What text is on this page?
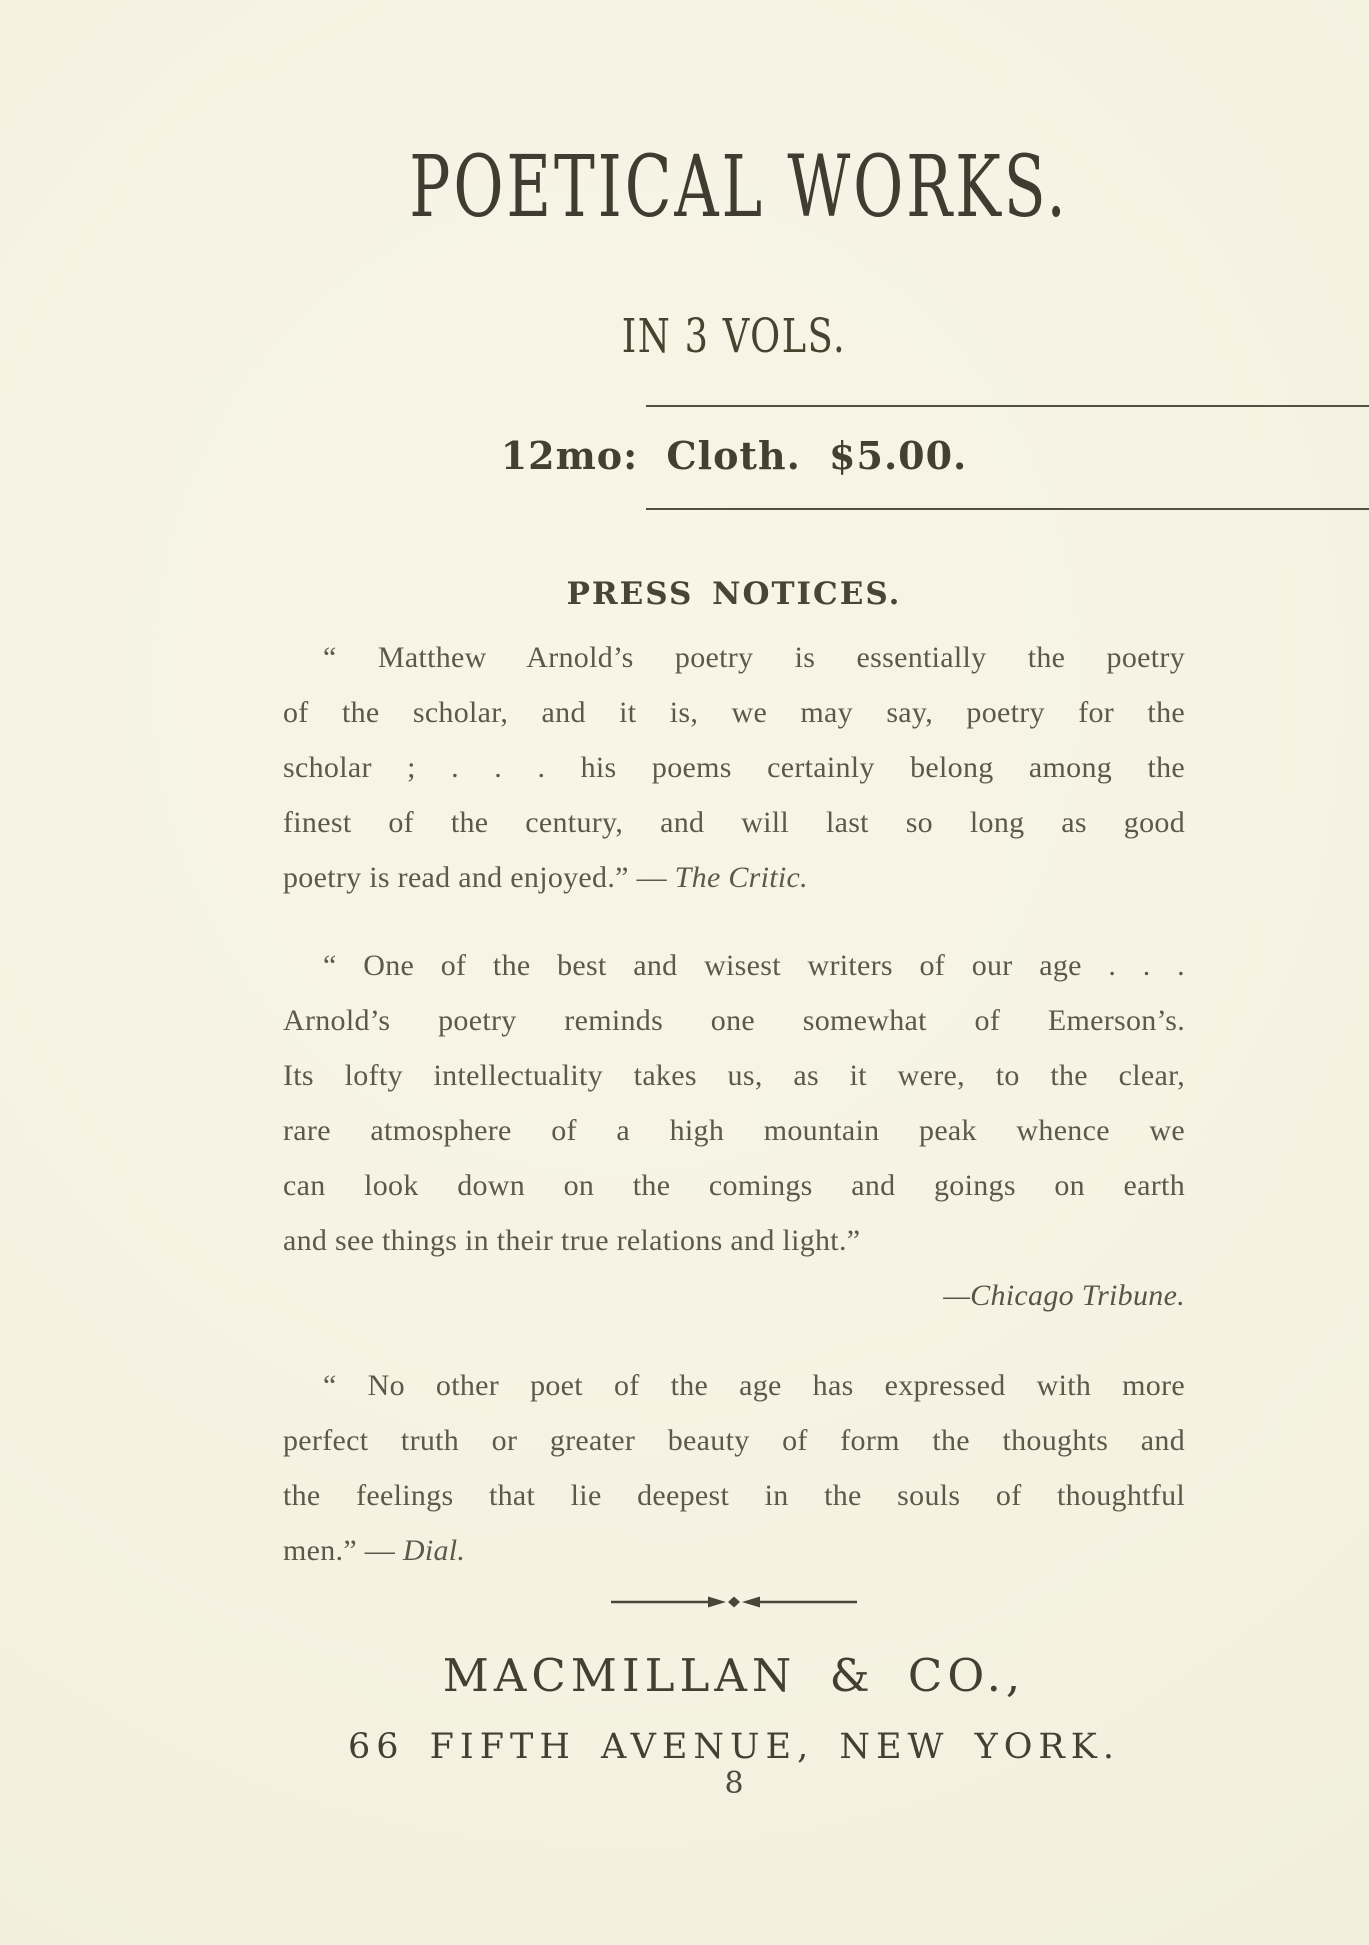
POETICAL WORKS.
IN 3 VOLS.
12mo: Cloth. $5.00.
PRESS NOTICES.
“ Matthew Arnold’s poetry is essentially the poetry
of the scholar, and it is, we may say, poetry for the
scholar ; . . . his poems certainly belong among the
finest of the century, and will last so long as good
poetry is read and enjoyed.” — The Critic.
“ One of the best and wisest writers of our age . . .
Arnold’s poetry reminds one somewhat of Emerson’s.
Its lofty intellectuality takes us, as it were, to the clear,
rare atmosphere of a high mountain peak whence we
can look down on the comings and goings on earth
and see things in their true relations and light.”
—Chicago Tribune.
“ No other poet of the age has expressed with more
perfect truth or greater beauty of form the thoughts and
the feelings that lie deepest in the souls of thoughtful
men.” — Dial.
MACMILLAN & CO.,
66 FIFTH AVENUE, NEW YORK.
8
